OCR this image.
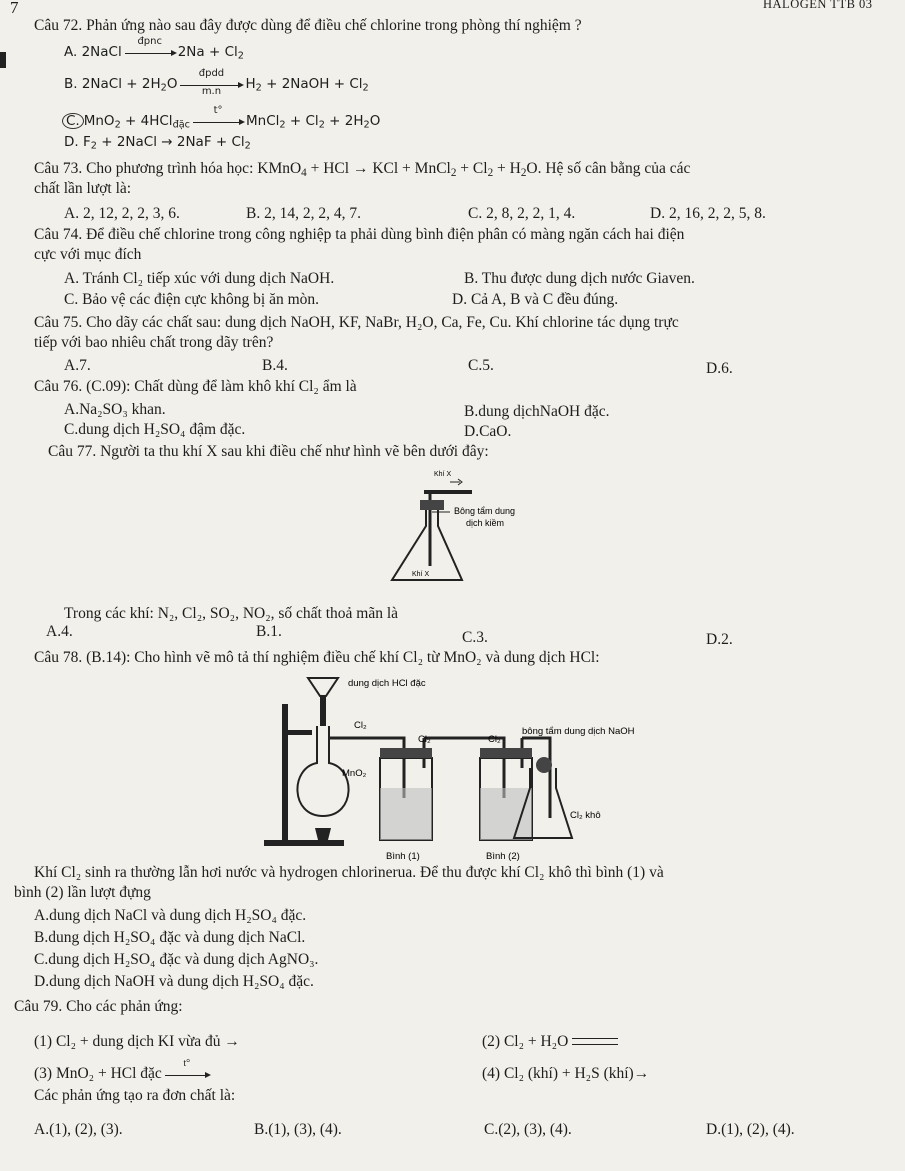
7	HALOGEN TTB 03
Câu 72. Phản ứng nào sau đây được dùng để điều chế chlorine trong phòng thí nghiệm ?
A. 2NaCl
đpnc
$2Na + Cl_2$
B. 2NaCl + $2H_2O$
đpdd
m.n	$H_2$ + 2NaOH + $Cl_2$
C. MnO$_2$ + 4HCl$_{đặc}$
t°
MnCl$_2$ + $Cl_2 + 2H_2O$
D. $F_2$ + 2NaCl → $2NaF + Cl_2$
Câu 73. Cho phương trình hóa học: KMnO$_4$ + HCl → KCl + MnCl$_2$ + $Cl_2 + H_2O$. Hệ số cân bằng của các
chất lần lượt là:
A. 2, 12, 2, 2, 3, 6.	B. 2, 14, 2, 2, 4, 7.	C. 2, 8, 2, 2, 1, 4.	D. 2, 16, 2, 2, 5, 8.
Câu 74. Để điều chế chlorine trong công nghiệp ta phải dùng bình điện phân có màng ngăn cách hai điện
cực với mục đích
A. Tránh Cl₂ tiếp xúc với dung dịch NaOH.	B. Thu được dung dịch nước Giaven.
C. Bảo vệ các điện cực không bị ăn mòn.	D. Cả A, B và C đều đúng.
Câu 75. Cho dãy các chất sau: dung dịch NaOH, KF, NaBr, H₂O, Ca, Fe, Cu. Khí chlorine tác dụng trực
tiếp với bao nhiêu chất trong dãy trên?
A.7.	B.4.	C.5.	D.6.
Câu 76. (C.09): Chất dùng để làm khô khí Cl₂ ẩm là
A.Na₂SO₃ khan.	B.dung dịchNaOH đặc.
C.dung dịch H₂SO₄ đậm đặc.	D.CaO.
Câu 77. Người ta thu khí X sau khi điều chế như hình vẽ bên dưới đây:
Khí X
Bông tẩm dung
dịch kiềm
Khí X
Trong các khí: N₂, Cl₂, SO₂, NO₂, số chất thoả mãn là
A.4.	B.1.	C.3.	D.2.
Câu 78. (B.14): Cho hình vẽ mô tả thí nghiệm điều chế khí Cl₂ từ MnO₂ và dung dịch HCl:
dung dịch HCl đặc
Cl₂
Cl₂	Cl₂
bông tẩm dung dịch NaOH
MnO₂
Cl₂ khô
Bình (1)	Bình (2)
Khí Cl₂ sinh ra thường lẫn hơi nước và hydrogen chlorinerua. Để thu được khí Cl₂ khô thì bình (1) và
bình (2) lần lượt đựng
A.dung dịch NaCl và dung dịch H₂SO₄ đặc.
B.dung dịch H₂SO₄ đặc và dung dịch NaCl.
C.dung dịch H₂SO₄ đặc và dung dịch AgNO₃.
D.dung dịch NaOH và dung dịch H₂SO₄ đặc.
Câu 79. Cho các phản ứng:
(1) Cl₂ + dung dịch KI vừa đủ →	(2) Cl₂ + H₂O
(3) MnO₂ + HCl đặc
t°
(4) Cl₂ (khí) + H₂S (khí)→
Các phản ứng tạo ra đơn chất là:
A.(1), (2), (3).	B.(1), (3), (4).	C.(2), (3), (4).	D.(1), (2), (4).
